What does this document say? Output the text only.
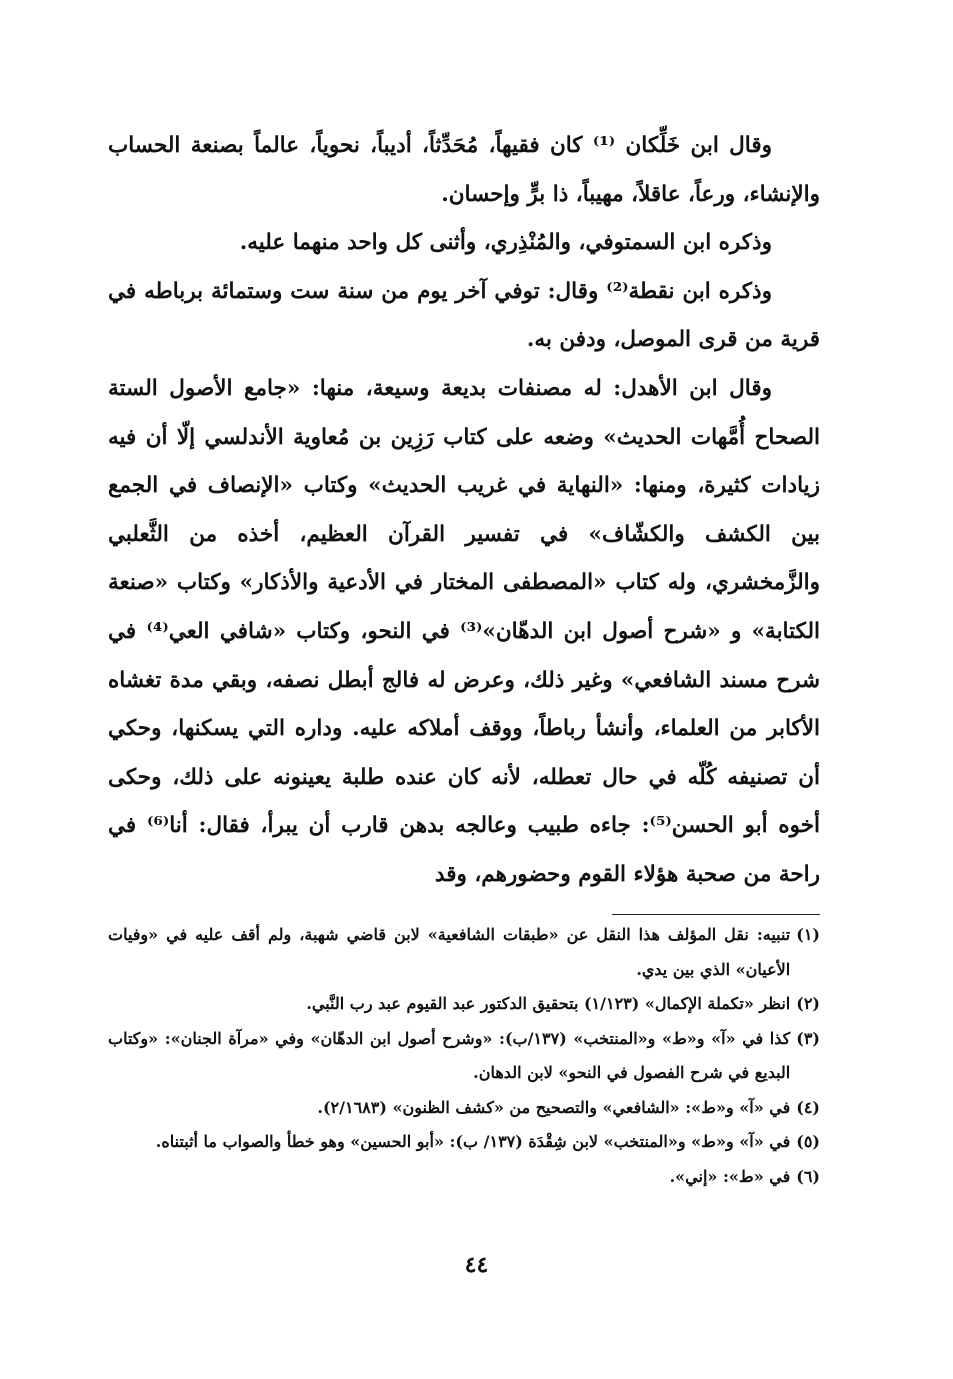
وقال ابن خَلِّكان ⁽¹⁾ كان فقيهاً، مُحَدِّثاً، أديباً، نحوياً، عالماً بصنعة الحساب والإنشاء، ورعاً، عاقلاً، مهيباً، ذا برٍّ وإحسان.

وذكره ابن السمتوفي، والمُنْذِري، وأثنى كل واحد منهما عليه.

وذكره ابن نقطة⁽²⁾ وقال: توفي آخر يوم من سنة ست وستمائة برباطه في قرية من قرى الموصل، ودفن به.

وقال ابن الأهدل: له مصنفات بديعة وسيعة، منها: «جامع الأصول الستة الصحاح أُمَّهات الحديث» وضعه على كتاب رَزِين بن مُعاوية الأندلسي إلّا أن فيه زيادات كثيرة، ومنها: «النهاية في غريب الحديث» وكتاب «الإنصاف في الجمع بين الكشف والكشّاف» في تفسير القرآن العظيم، أخذه من الثَّعلبي والزَّمخشري، وله كتاب «المصطفى المختار في الأدعية والأذكار» وكتاب «صنعة الكتابة» و «شرح أصول ابن الدهّان»⁽³⁾ في النحو، وكتاب «شافي العي⁽⁴⁾ في شرح مسند الشافعي» وغير ذلك، وعرض له فالج أبطل نصفه، وبقي مدة تغشاه الأكابر من العلماء، وأنشأ رباطاً، ووقف أملاكه عليه. وداره التي يسكنها، وحكي أن تصنيفه كُلّه في حال تعطله، لأنه كان عنده طلبة يعينونه على ذلك، وحكى أخوه أبو الحسن⁽⁵⁾: جاءه طبيب وعالجه بدهن قارب أن يبرأ، فقال: أنا⁽⁶⁾ في راحة من صحبة هؤلاء القوم وحضورهم، وقد

(١)
تنبيه: نقل المؤلف هذا النقل عن «طبقات الشافعية» لابن قاضي شهبة، ولم أقف عليه في «وفيات الأعيان» الذي بين يدي.
(٢)
انظر «تكملة الإكمال» (١/١٢٣) بتحقيق الدكتور عبد القيوم عبد رب النَّبي.
(٣)
كذا في «آ» و«ط» و«المنتخب» (١٣٧/ب): «وشرح أصول ابن الدهّان» وفي «مرآة الجنان»: «وكتاب البديع في شرح الفصول في النحو» لابن الدهان.
(٤)
في «آ» و«ط»: «الشافعي» والتصحيح من «كشف الظنون» (٢/١٦٨٣).
(٥)
في «آ» و«ط» و«المنتخب» لابن شِقْدَة (١٣٧/ ب): «أبو الحسين» وهو خطأ والصواب ما أثبتناه.
(٦)
في «ط»: «إني».
٤٤
